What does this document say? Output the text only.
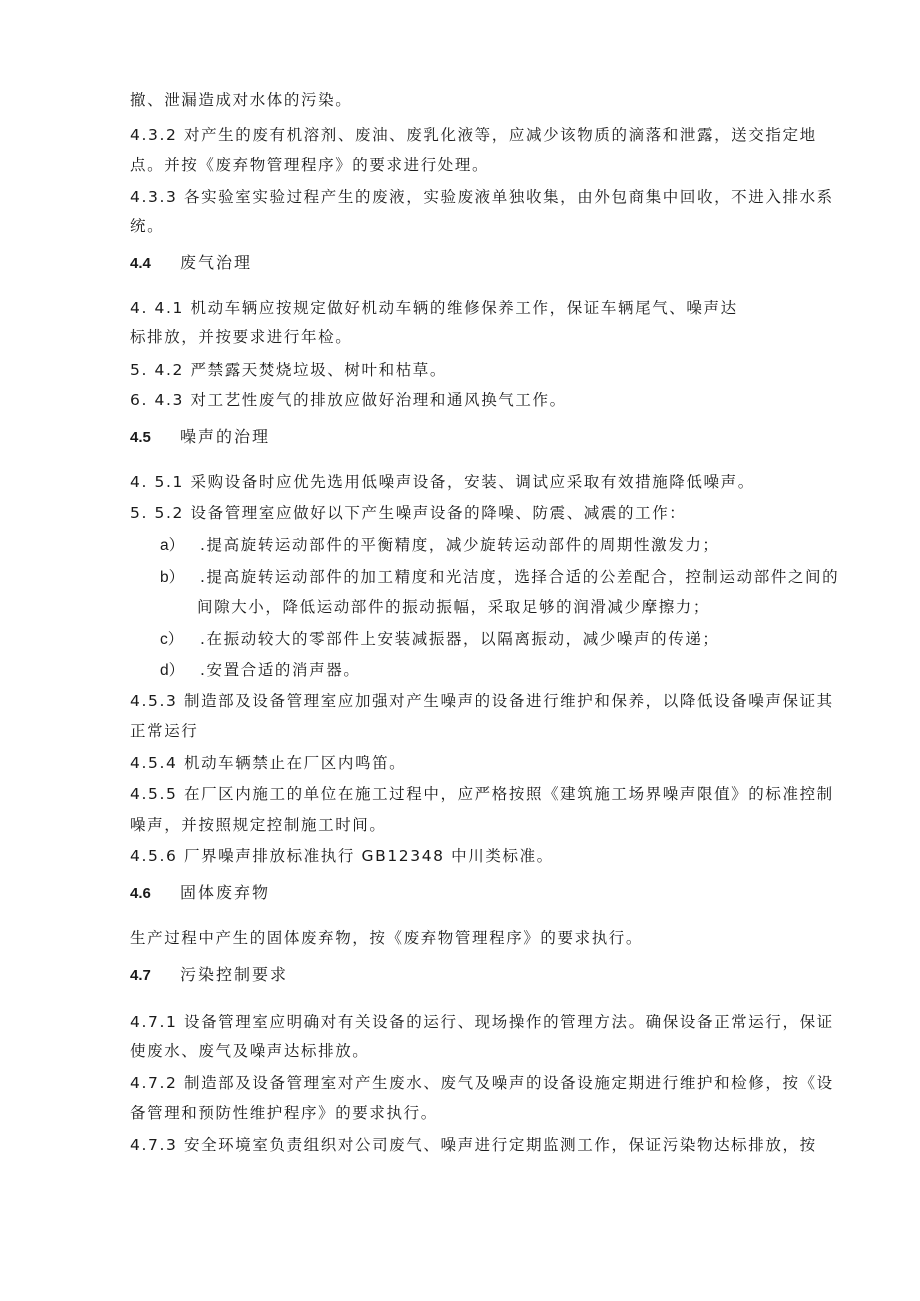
撤、泄漏造成对水体的污染。
4.3.2 对产生的废有机溶剂、废油、废乳化液等，应减少该物质的滴落和泄露，送交指定地
点。并按《废弃物管理程序》的要求进行处理。
4.3.3 各实验室实验过程产生的废液，实验废液单独收集，由外包商集中回收，不进入排水系
统。
4.4 废气治理
4. 4.1 机动车辆应按规定做好机动车辆的维修保养工作，保证车辆尾气、噪声达
标排放，并按要求进行年检。
5. 4.2 严禁露天焚烧垃圾、树叶和枯草。
6. 4.3 对工艺性废气的排放应做好治理和通风换气工作。
4.5 噪声的治理
4. 5.1 采购设备时应优先选用低噪声设备，安装、调试应采取有效措施降低噪声。
5. 5.2 设备管理室应做好以下产生噪声设备的降噪、防震、减震的工作：
a） .提高旋转运动部件的平衡精度，减少旋转运动部件的周期性激发力；
b） .提高旋转运动部件的加工精度和光洁度，选择合适的公差配合，控制运动部件之间的
间隙大小，降低运动部件的振动振幅，采取足够的润滑减少摩擦力；
c） .在振动较大的零部件上安装减振器，以隔离振动，减少噪声的传递；
d） .安置合适的消声器。
4.5.3 制造部及设备管理室应加强对产生噪声的设备进行维护和保养，以降低设备噪声保证其
正常运行
4.5.4 机动车辆禁止在厂区内鸣笛。
4.5.5 在厂区内施工的单位在施工过程中，应严格按照《建筑施工场界噪声限值》的标准控制
噪声，并按照规定控制施工时间。
4.5.6 厂界噪声排放标准执行 GB12348 中川类标准。
4.6 固体废弃物
生产过程中产生的固体废弃物，按《废弃物管理程序》的要求执行。
4.7 污染控制要求
4.7.1 设备管理室应明确对有关设备的运行、现场操作的管理方法。确保设备正常运行，保证
使废水、废气及噪声达标排放。
4.7.2 制造部及设备管理室对产生废水、废气及噪声的设备设施定期进行维护和检修，按《设
备管理和预防性维护程序》的要求执行。
4.7.3 安全环境室负责组织对公司废气、噪声进行定期监测工作，保证污染物达标排放，按
